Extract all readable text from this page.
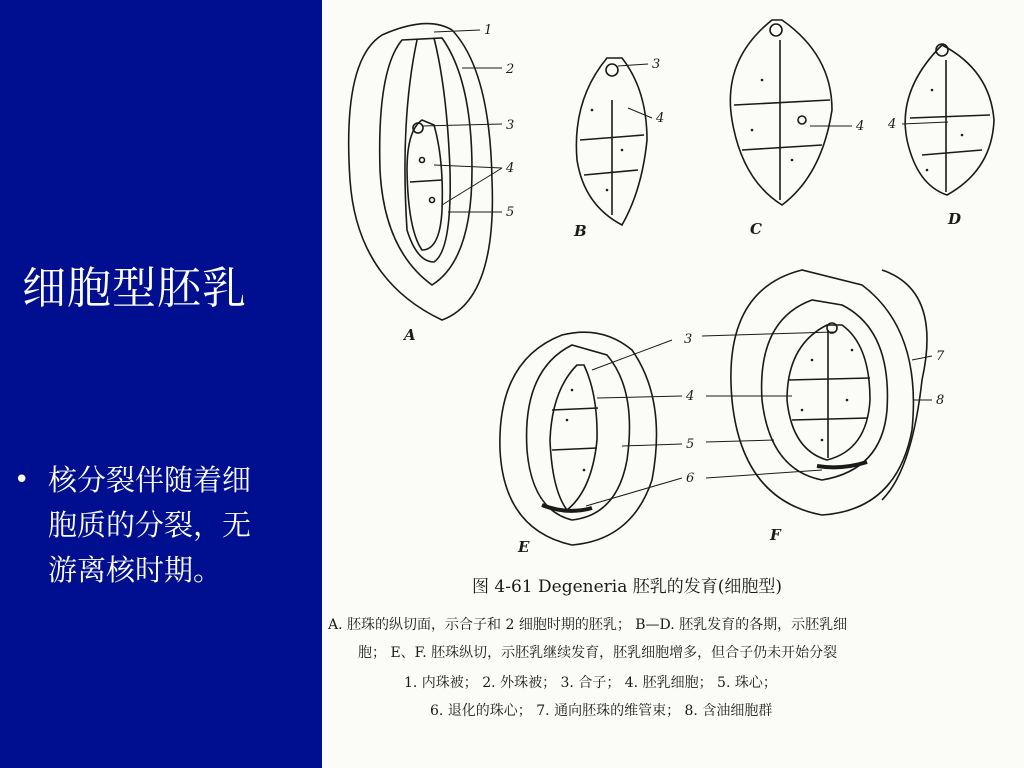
细胞型胚乳
• 核分裂伴随着细胞质的分裂，无游离核时期。
1
2
3
4
5
3
4
4 4
3
4
5
6
7
8
A
B	C
D
E
F
图 4-61 Degeneria 胚乳的发育(细胞型)
A. 胚珠的纵切面，示合子和 2 细胞时期的胚乳； B—D. 胚乳发育的各期，示胚乳细
胞； E、F. 胚珠纵切，示胚乳继续发育，胚乳细胞增多，但合子仍未开始分裂
1. 内珠被； 2. 外珠被； 3. 合子； 4. 胚乳细胞； 5. 珠心；
6. 退化的珠心； 7. 通向胚珠的维管束； 8. 含油细胞群
